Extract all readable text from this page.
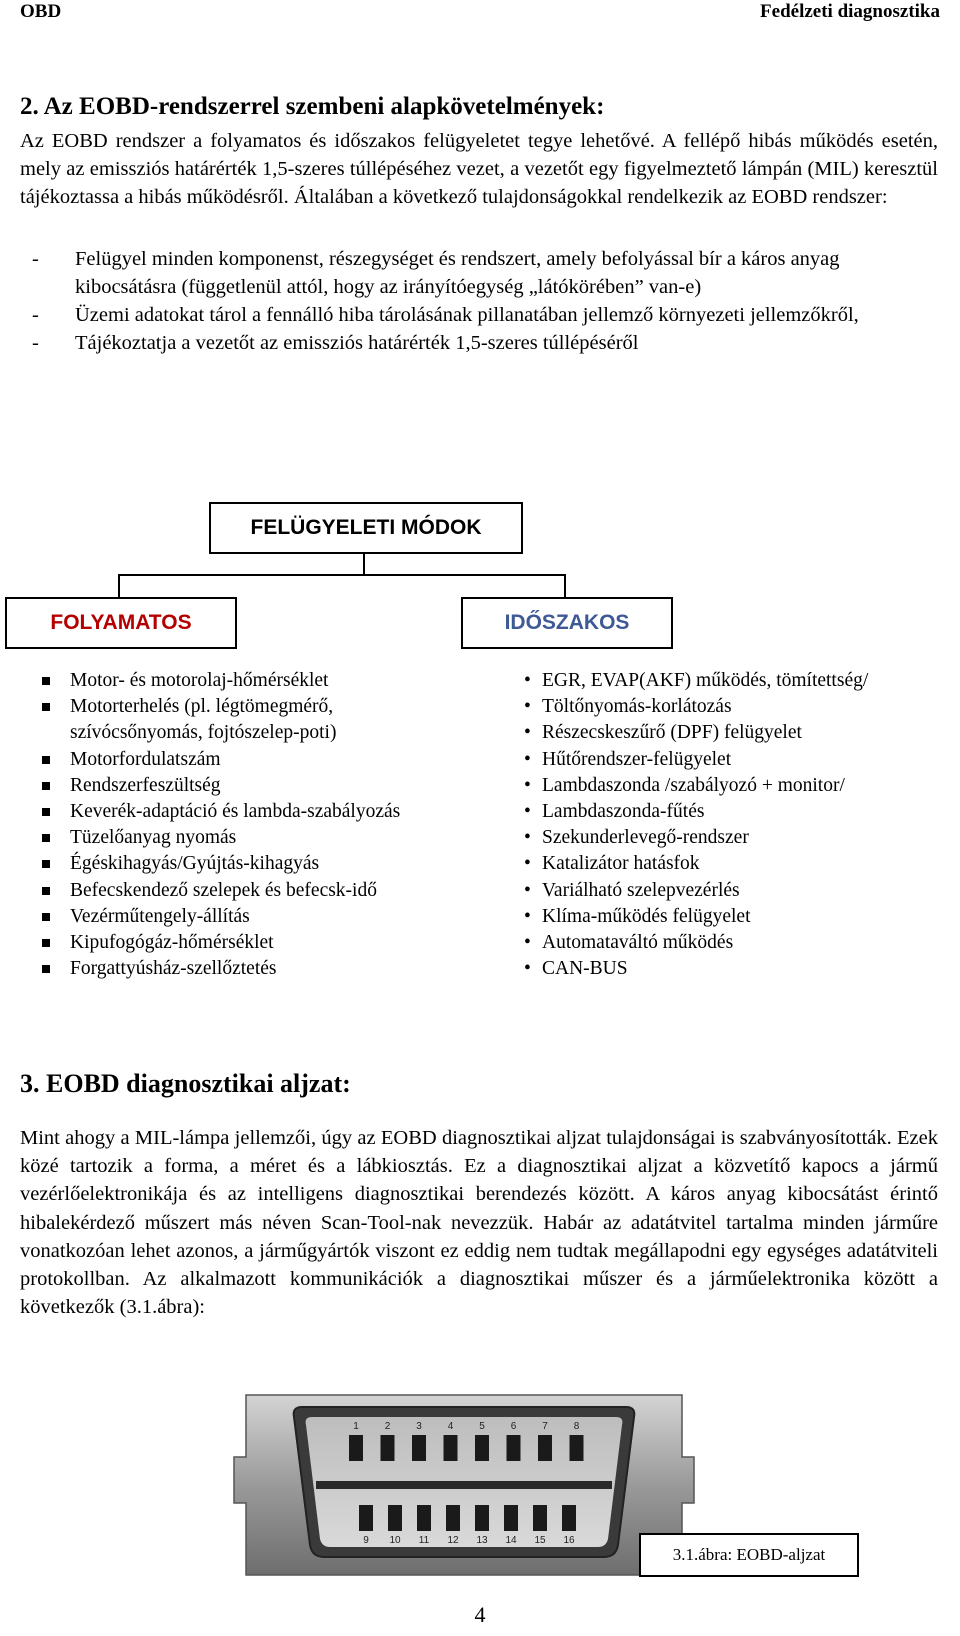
OBD	Fedélzeti diagnosztika
2. Az EOBD-rendszerrel szembeni alapkövetelmények:

Az EOBD rendszer a folyamatos és időszakos felügyeletet tegye lehetővé. A fellépő hibás működés esetén, mely az emissziós határérték 1,5-szeres túllépéséhez vezet, a vezetőt egy figyelmeztető lámpán (MIL) keresztül tájékoztassa a hibás működésről. Általában a következő tulajdonságokkal rendelkezik az EOBD rendszer:

-	Felügyel minden komponenst, részegységet és rendszert, amely befolyással bír a káros anyag kibocsátásra (függetlenül attól, hogy az irányítóegység „látókörében” van-e)
-	Üzemi adatokat tárol a fennálló hiba tárolásának pillanatában jellemző környezeti jellemzőkről,
-	Tájékoztatja a vezetőt az emissziós határérték 1,5-szeres túllépéséről
FELÜGYELETI MÓDOK
FOLYAMATOS	IDŐSZAKOS
Motor- és motorolaj-hőmérséklet
Motorterhelés (pl. légtömegmérő, szívócsőnyomás, fojtószelep-poti)
Motorfordulatszám
Rendszerfeszültség
Keverék-adaptáció és lambda-szabályozás
Tüzelőanyag nyomás
Égéskihagyás/Gyújtás-kihagyás
Befecskendező szelepek és befecsk-idő
Vezérműtengely-állítás
Kipufogógáz-hőmérséklet
Forgattyúsház-szellőztetés
• EGR, EVAP(AKF) működés, tömítettség/
• Töltőnyomás-korlátozás
• Részecskeszűrő (DPF) felügyelet
• Hűtőrendszer-felügyelet
• Lambdaszonda /szabályozó + monitor/
• Lambdaszonda-fűtés
• Szekunderlevegő-rendszer
• Katalizátor hatásfok
• Variálható szelepvezérlés
• Klíma-működés felügyelet
• Automataváltó működés
• CAN-BUS
3. EOBD diagnosztikai aljzat:

Mint ahogy a MIL-lámpa jellemzői, úgy az EOBD diagnosztikai aljzat tulajdonságai is szabványosították. Ezek közé tartozik a forma, a méret és a lábkiosztás. Ez a diagnosztikai aljzat a közvetítő kapocs a jármű vezérlőelektronikája és az intelligens diagnosztikai berendezés között. A káros anyag kibocsátást érintő hibalekérdező műszert más néven Scan-Tool-nak nevezzük. Habár az adatátvitel tartalma minden járműre vonatkozóan lehet azonos, a járműgyártók viszont ez eddig nem tudtak megállapodni egy egységes adatátviteli protokollban. Az alkalmazott kommunikációk a diagnosztikai műszer és a járműelektronika között a következők (3.1.ábra):

1	2	3	4	5	6	7	8
9 10 11 12 13 14 15 16
3.1.ábra: EOBD-aljzat
4
